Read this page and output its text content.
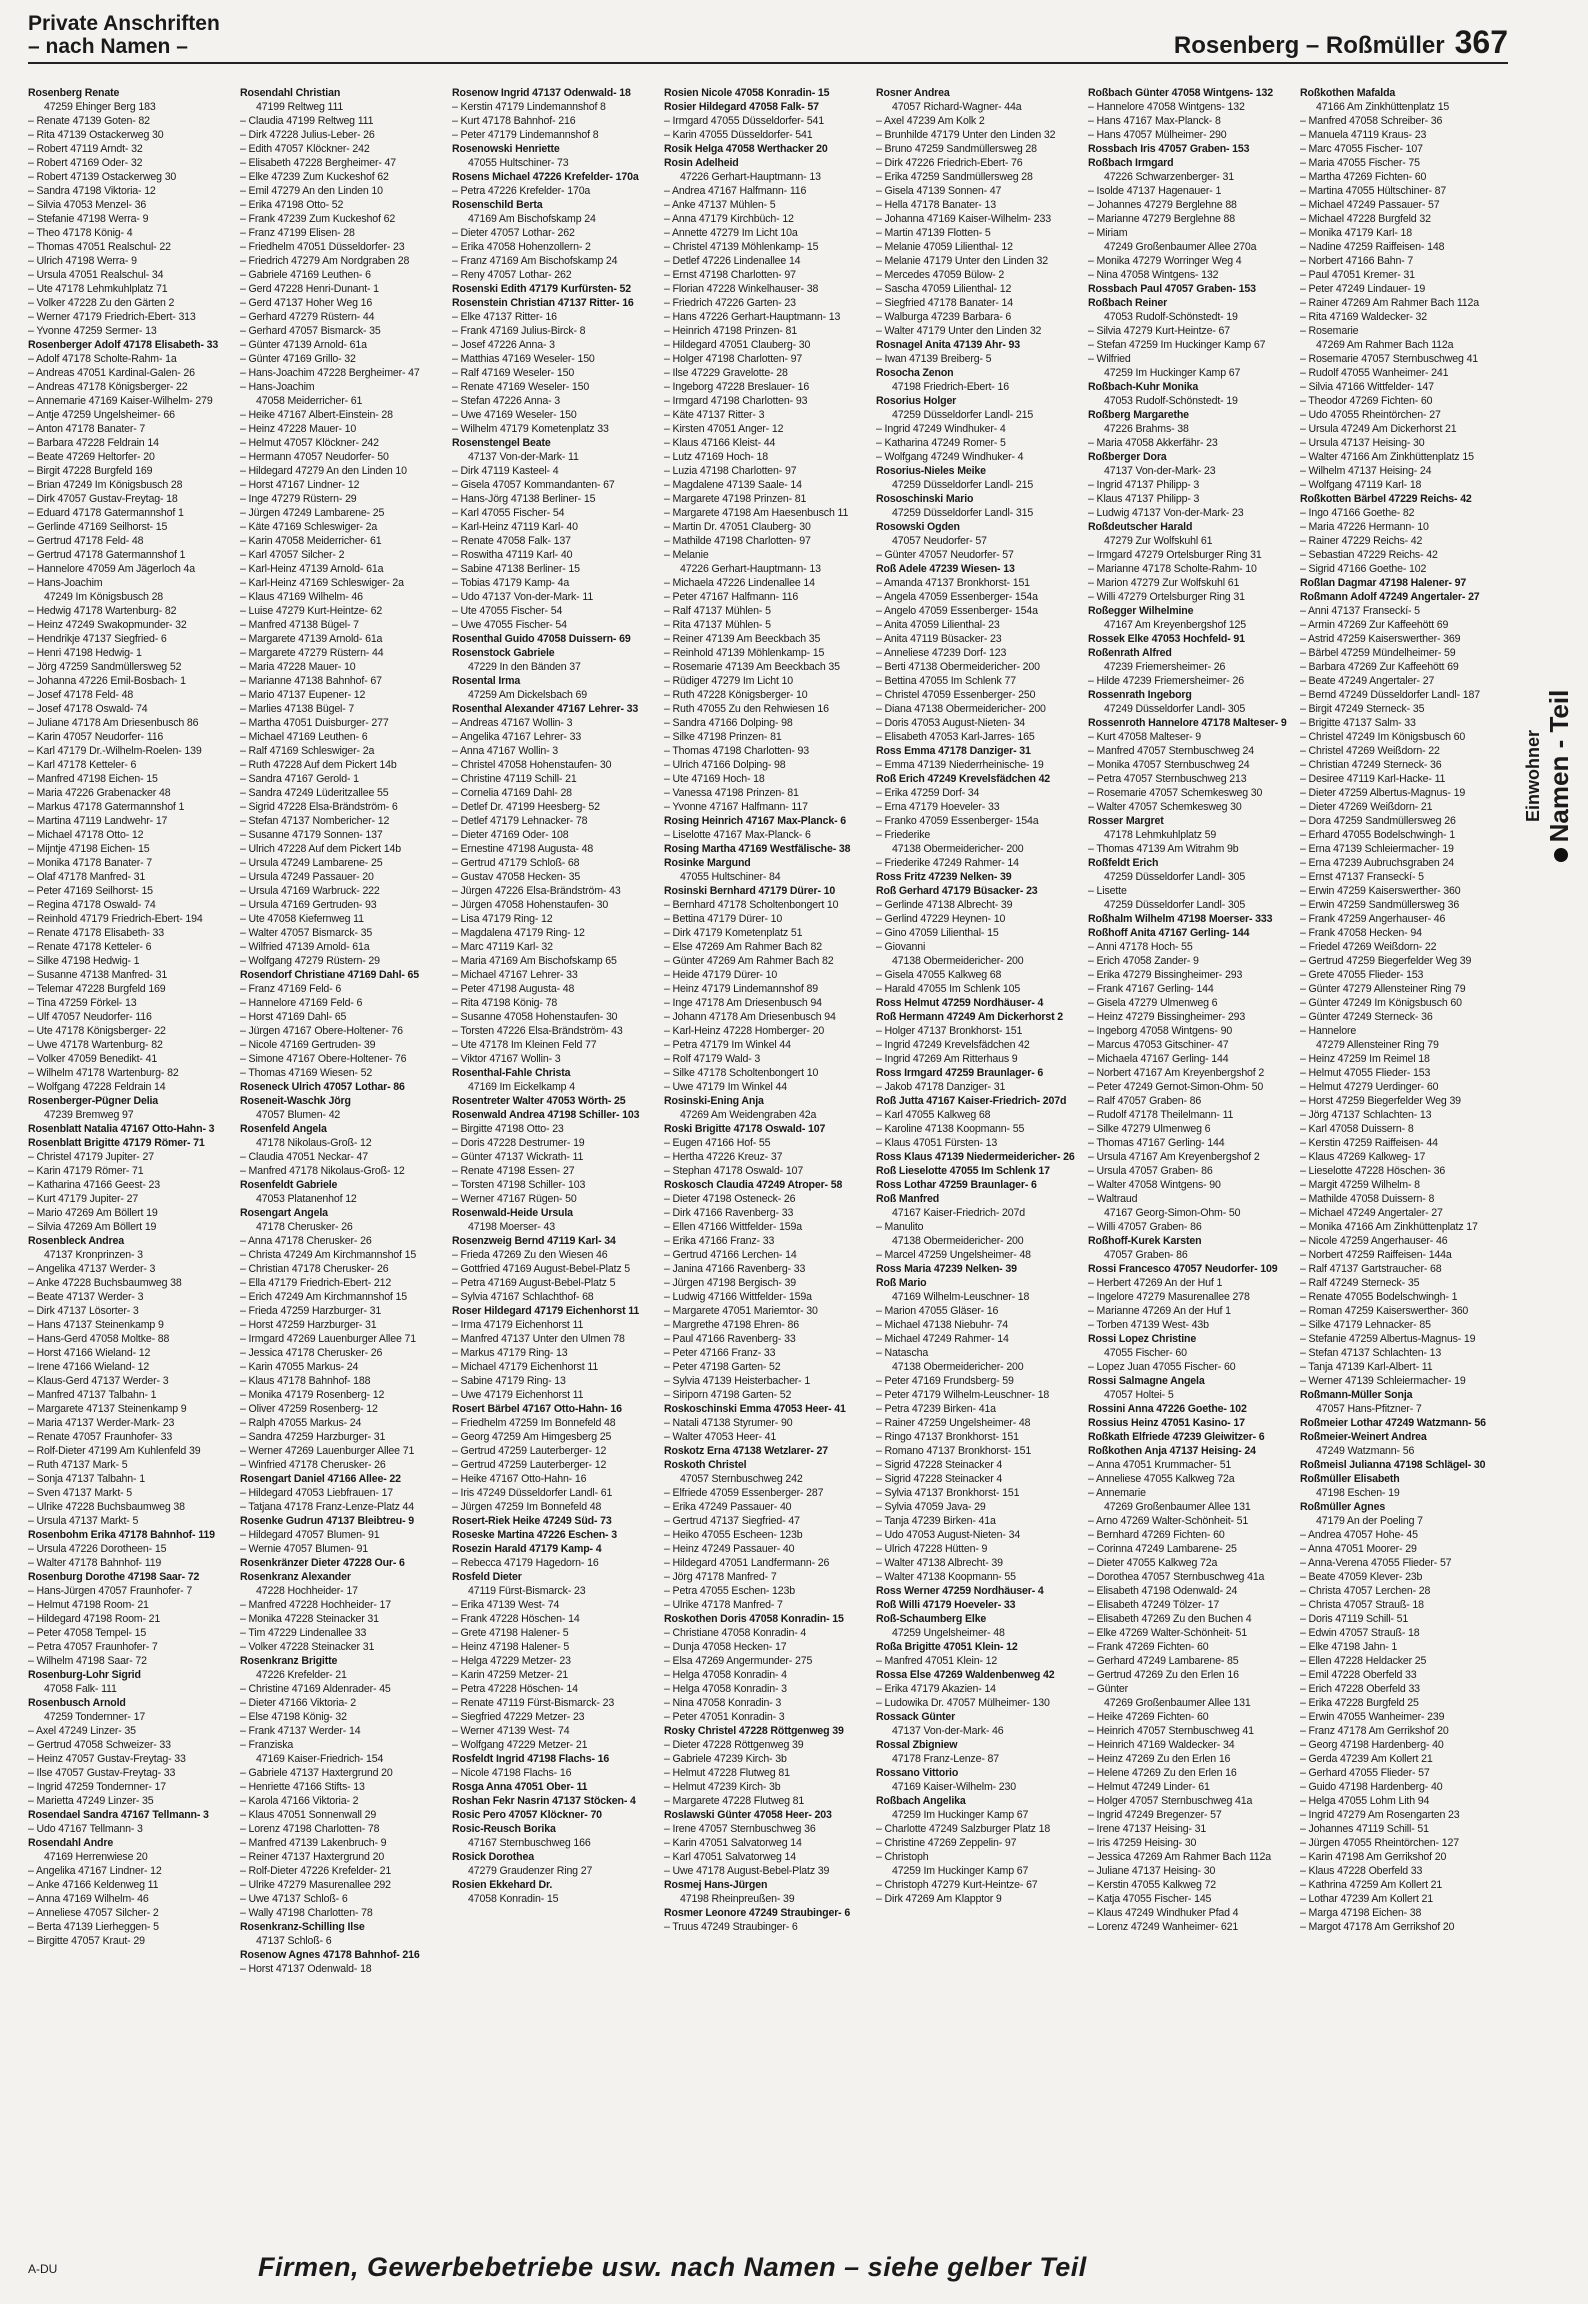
Private Anschriften
– nach Namen –	Rosenberg – Roßmüller 367
Rosenberg Renate
47259 Ehinger Berg 183
– Renate 47139 Goten- 82
– Rita 47139 Ostackerweg 30
– Robert 47119 Arndt- 32
– Robert 47169 Oder- 32
– Robert 47139 Ostackerweg 30
– Sandra 47198 Viktoria- 12
– Silvia 47053 Menzel- 36
– Stefanie 47198 Werra- 9
– Theo 47178 König- 4
– Thomas 47051 Realschul- 22
– Ulrich 47198 Werra- 9
– Ursula 47051 Realschul- 34
– Ute 47178 Lehmkuhlplatz 71
– Volker 47228 Zu den Gärten 2
– Werner 47179 Friedrich-Ebert- 313
– Yvonne 47259 Sermer- 13
Rosenberger Adolf 47178 Elisabeth- 33
– Adolf 47178 Scholte-Rahm- 1a
– Andreas 47051 Kardinal-Galen- 26
– Andreas 47178 Königsberger- 22
– Annemarie 47169 Kaiser-Wilhelm- 279
– Antje 47259 Ungelsheimer- 66
– Anton 47178 Banater- 7
– Barbara 47228 Feldrain 14
– Beate 47269 Heltorfer- 20
– Birgit 47228 Burgfeld 169
– Brian 47249 Im Königsbusch 28
– Dirk 47057 Gustav-Freytag- 18
– Eduard 47178 Gatermannshof 1
– Gerlinde 47169 Seilhorst- 15
– Gertrud 47178 Feld- 48
– Gertrud 47178 Gatermannshof 1
– Hannelore 47059 Am Jägerloch 4a
– Hans-Joachim
47249 Im Königsbusch 28
– Hedwig 47178 Wartenburg- 82
– Heinz 47249 Swakopmunder- 32
– Hendrikje 47137 Siegfried- 6
– Henri 47198 Hedwig- 1
– Jörg 47259 Sandmüllersweg 52
– Johanna 47226 Emil-Bosbach- 1
– Josef 47178 Feld- 48
– Josef 47178 Oswald- 74
– Juliane 47178 Am Driesenbusch 86
– Karin 47057 Neudorfer- 116
– Karl 47179 Dr.-Wilhelm-Roelen- 139
– Karl 47178 Ketteler- 6
– Manfred 47198 Eichen- 15
– Maria 47226 Grabenacker 48
– Markus 47178 Gatermannshof 1
– Martina 47119 Landwehr- 17
– Michael 47178 Otto- 12
– Mijntje 47198 Eichen- 15
– Monika 47178 Banater- 7
– Olaf 47178 Manfred- 31
– Peter 47169 Seilhorst- 15
– Regina 47178 Oswald- 74
– Reinhold 47179 Friedrich-Ebert- 194
– Renate 47178 Elisabeth- 33
– Renate 47178 Ketteler- 6
– Silke 47198 Hedwig- 1
– Susanne 47138 Manfred- 31
– Telemar 47228 Burgfeld 169
– Tina 47259 Förkel- 13
– Ulf 47057 Neudorfer- 116
– Ute 47178 Königsberger- 22
– Uwe 47178 Wartenburg- 82
– Volker 47059 Benedikt- 41
– Wilhelm 47178 Wartenburg- 82
– Wolfgang 47228 Feldrain 14
Rosenberger-Pügner Delia
47239 Bremweg 97
Rosenblatt Natalia 47167 Otto-Hahn- 3
Rosenblatt Brigitte 47179 Römer- 71
– Christel 47179 Jupiter- 27
– Karin 47179 Römer- 71
– Katharina 47166 Geest- 23
– Kurt 47179 Jupiter- 27
– Mario 47269 Am Böllert 19
– Silvia 47269 Am Böllert 19
Rosenbleck Andrea
47137 Kronprinzen- 3
– Angelika 47137 Werder- 3
– Anke 47228 Buchsbaumweg 38
– Beate 47137 Werder- 3
– Dirk 47137 Lösorter- 3
– Hans 47137 Steinenkamp 9
– Hans-Gerd 47058 Moltke- 88
– Horst 47166 Wieland- 12
– Irene 47166 Wieland- 12
– Klaus-Gerd 47137 Werder- 3
– Manfred 47137 Talbahn- 1
– Margarete 47137 Steinenkamp 9
– Maria 47137 Werder-Mark- 23
– Renate 47057 Fraunhofer- 33
– Rolf-Dieter 47199 Am Kuhlenfeld 39
– Ruth 47137 Mark- 5
– Sonja 47137 Talbahn- 1
– Sven 47137 Markt- 5
– Ulrike 47228 Buchsbaumweg 38
– Ursula 47137 Markt- 5
Rosenbohm Erika 47178 Bahnhof- 119
– Ursula 47226 Dorotheen- 15
– Walter 47178 Bahnhof- 119
Rosenburg Dorothe 47198 Saar- 72
– Hans-Jürgen 47057 Fraunhofer- 7
– Helmut 47198 Room- 21
– Hildegard 47198 Room- 21
– Peter 47058 Tempel- 15
– Petra 47057 Fraunhofer- 7
– Wilhelm 47198 Saar- 72
Rosenburg-Lohr Sigrid
47058 Falk- 111
Rosenbusch Arnold
47259 Tondernner- 17
– Axel 47249 Linzer- 35
– Gertrud 47058 Schweizer- 33
– Heinz 47057 Gustav-Freytag- 33
– Ilse 47057 Gustav-Freytag- 33
– Ingrid 47259 Tondernner- 17
– Marietta 47249 Linzer- 35
Rosendael Sandra 47167 Tellmann- 3
– Udo 47167 Tellmann- 3
Rosendahl Andre
47169 Herrenwiese 20
– Angelika 47167 Lindner- 12
– Anke 47166 Keldenweg 11
– Anna 47169 Wilhelm- 46
– Anneliese 47057 Silcher- 2
– Berta 47139 Lierheggen- 5
– Birgitte 47057 Kraut- 29
Rosendahl Christian
47199 Reltweg 111
– Claudia 47199 Reltweg 111
– Dirk 47228 Julius-Leber- 26
– Edith 47057 Klöckner- 242
– Elisabeth 47228 Bergheimer- 47
– Elke 47239 Zum Kuckeshof 62
– Emil 47279 An den Linden 10
– Erika 47198 Otto- 52
– Frank 47239 Zum Kuckeshof 62
– Franz 47199 Elisen- 28
– Friedhelm 47051 Düsseldorfer- 23
– Friedrich 47279 Am Nordgraben 28
– Gabriele 47169 Leuthen- 6
– Gerd 47228 Henri-Dunant- 1
– Gerd 47137 Hoher Weg 16
– Gerhard 47279 Rüstern- 44
– Gerhard 47057 Bismarck- 35
– Günter 47139 Arnold- 61a
– Günter 47169 Grillo- 32
– Hans-Joachim 47228 Bergheimer- 47
– Hans-Joachim
47058 Meiderricher- 61
– Heike 47167 Albert-Einstein- 28
– Heinz 47228 Mauer- 10
– Helmut 47057 Klöckner- 242
– Hermann 47057 Neudorfer- 50
– Hildegard 47279 An den Linden 10
– Horst 47167 Lindner- 12
– Inge 47279 Rüstern- 29
– Jürgen 47249 Lambarene- 25
– Käte 47169 Schleswiger- 2a
– Karin 47058 Meiderricher- 61
– Karl 47057 Silcher- 2
– Karl-Heinz 47139 Arnold- 61a
– Karl-Heinz 47169 Schleswiger- 2a
– Klaus 47169 Wilhelm- 46
– Luise 47279 Kurt-Heintze- 62
– Manfred 47138 Bügel- 7
– Margarete 47139 Arnold- 61a
– Margarete 47279 Rüstern- 44
– Maria 47228 Mauer- 10
– Marianne 47138 Bahnhof- 67
– Mario 47137 Eupener- 12
– Marlies 47138 Bügel- 7
– Martha 47051 Duisburger- 277
– Michael 47169 Leuthen- 6
– Ralf 47169 Schleswiger- 2a
– Ruth 47228 Auf dem Pickert 14b
– Sandra 47167 Gerold- 1
– Sandra 47249 Lüderitzallee 55
– Sigrid 47228 Elsa-Brändström- 6
– Stefan 47137 Nombericher- 12
– Susanne 47179 Sonnen- 137
– Ulrich 47228 Auf dem Pickert 14b
– Ursula 47249 Lambarene- 25
– Ursula 47249 Passauer- 20
– Ursula 47169 Warbruck- 222
– Ursula 47169 Gertruden- 93
– Ute 47058 Kiefernweg 11
– Walter 47057 Bismarck- 35
– Wilfried 47139 Arnold- 61a
– Wolfgang 47279 Rüstern- 29
Rosendorf Christiane 47169 Dahl- 65
– Franz 47169 Feld- 6
– Hannelore 47169 Feld- 6
– Horst 47169 Dahl- 65
– Jürgen 47167 Obere-Holtener- 76
– Nicole 47169 Gertruden- 39
– Simone 47167 Obere-Holtener- 76
– Thomas 47169 Wiesen- 52
Roseneck Ulrich 47057 Lothar- 86
Roseneit-Waschk Jörg
47057 Blumen- 42
Rosenfeld Angela
47178 Nikolaus-Groß- 12
– Claudia 47051 Neckar- 47
– Manfred 47178 Nikolaus-Groß- 12
Rosenfeldt Gabriele
47053 Platanenhof 12
Rosengart Angela
47178 Cherusker- 26
– Anna 47178 Cherusker- 26
– Christa 47249 Am Kirchmannshof 15
– Christian 47178 Cherusker- 26
– Ella 47179 Friedrich-Ebert- 212
– Erich 47249 Am Kirchmannshof 15
– Frieda 47259 Harzburger- 31
– Horst 47259 Harzburger- 31
– Irmgard 47269 Lauenburger Allee 71
– Jessica 47178 Cherusker- 26
– Karin 47055 Markus- 24
– Klaus 47178 Bahnhof- 188
– Monika 47179 Rosenberg- 12
– Oliver 47259 Rosenberg- 12
– Ralph 47055 Markus- 24
– Sandra 47259 Harzburger- 31
– Werner 47269 Lauenburger Allee 71
– Winfried 47178 Cherusker- 26
Rosengart Daniel 47166 Allee- 22
– Hildegard 47053 Liebfrauen- 17
– Tatjana 47178 Franz-Lenze-Platz 44
Rosenke Gudrun 47137 Bleibtreu- 9
– Hildegard 47057 Blumen- 91
– Wernie 47057 Blumen- 91
Rosenkränzer Dieter 47228 Our- 6
Rosenkranz Alexander
47228 Hochheider- 17
– Manfred 47228 Hochheider- 17
– Monika 47228 Steinacker 31
– Tim 47229 Lindenallee 33
– Volker 47228 Steinacker 31
Rosenkranz Brigitte
47226 Krefelder- 21
– Christine 47169 Aldenrader- 45
– Dieter 47166 Viktoria- 2
– Else 47198 König- 32
– Frank 47137 Werder- 14
– Franziska
47169 Kaiser-Friedrich- 154
– Gabriele 47137 Haxtergrund 20
– Henriette 47166 Stifts- 13
– Karola 47166 Viktoria- 2
– Klaus 47051 Sonnenwall 29
– Lorenz 47198 Charlotten- 78
– Manfred 47139 Lakenbruch- 9
– Reiner 47137 Haxtergrund 20
– Rolf-Dieter 47226 Krefelder- 21
– Ulrike 47279 Masurenallee 292
– Uwe 47137 Schloß- 6
– Wally 47198 Charlotten- 78
Rosenkranz-Schilling Ilse
47137 Schloß- 6
Rosenow Agnes 47178 Bahnhof- 216
– Horst 47137 Odenwald- 18
Rosenow Ingrid 47137 Odenwald- 18
– Kerstin 47179 Lindemannshof 8
– Kurt 47178 Bahnhof- 216
– Peter 47179 Lindemannshof 8
Rosenowski Henriette
47055 Hultschiner- 73
Rosens Michael 47226 Krefelder- 170a
– Petra 47226 Krefelder- 170a
Rosenschild Berta
47169 Am Bischofskamp 24
– Dieter 47057 Lothar- 262
– Erika 47058 Hohenzollern- 2
– Franz 47169 Am Bischofskamp 24
– Reny 47057 Lothar- 262
Rosenski Edith 47179 Kurfürsten- 52
Rosenstein Christian 47137 Ritter- 16
– Elke 47137 Ritter- 16
– Frank 47169 Julius-Birck- 8
– Josef 47226 Anna- 3
– Matthias 47169 Weseler- 150
– Ralf 47169 Weseler- 150
– Renate 47169 Weseler- 150
– Stefan 47226 Anna- 3
– Uwe 47169 Weseler- 150
– Wilhelm 47179 Kometenplatz 33
Rosenstengel Beate
47137 Von-der-Mark- 11
– Dirk 47119 Kasteel- 4
– Gisela 47057 Kommandanten- 67
– Hans-Jörg 47138 Berliner- 15
– Karl 47055 Fischer- 54
– Karl-Heinz 47119 Karl- 40
– Renate 47058 Falk- 137
– Roswitha 47119 Karl- 40
– Sabine 47138 Berliner- 15
– Tobias 47179 Kamp- 4a
– Udo 47137 Von-der-Mark- 11
– Ute 47055 Fischer- 54
– Uwe 47055 Fischer- 54
Rosenthal Guido 47058 Duissern- 69
Rosenstock Gabriele
47229 In den Bänden 37
Rosental Irma
47259 Am Dickelsbach 69
Rosenthal Alexander 47167 Lehrer- 33
– Andreas 47167 Wollin- 3
– Angelika 47167 Lehrer- 33
– Anna 47167 Wollin- 3
– Christel 47058 Hohenstaufen- 30
– Christine 47119 Schill- 21
– Cornelia 47169 Dahl- 28
– Detlef Dr. 47199 Heesberg- 52
– Detlef 47179 Lehnacker- 78
– Dieter 47169 Oder- 108
– Ernestine 47198 Augusta- 48
– Gertrud 47179 Schloß- 68
– Gustav 47058 Hecken- 35
– Jürgen 47226 Elsa-Brändström- 43
– Jürgen 47058 Hohenstaufen- 30
– Lisa 47179 Ring- 12
– Magdalena 47179 Ring- 12
– Marc 47119 Karl- 32
– Maria 47169 Am Bischofskamp 65
– Michael 47167 Lehrer- 33
– Peter 47198 Augusta- 48
– Rita 47198 König- 78
– Susanne 47058 Hohenstaufen- 30
– Torsten 47226 Elsa-Brändström- 43
– Ute 47178 Im Kleinen Feld 77
– Viktor 47167 Wollin- 3
Rosenthal-Fahle Christa
47169 Im Eickelkamp 4
Rosentreter Walter 47053 Wörth- 25
Rosenwald Andrea 47198 Schiller- 103
– Birgitte 47198 Otto- 23
– Doris 47228 Destrumer- 19
– Günter 47137 Wickrath- 11
– Renate 47198 Essen- 27
– Torsten 47198 Schiller- 103
– Werner 47167 Rügen- 50
Rosenwald-Heide Ursula
47198 Moerser- 43
Rosenzweig Bernd 47119 Karl- 34
– Frieda 47269 Zu den Wiesen 46
– Gottfried 47169 August-Bebel-Platz 5
– Petra 47169 August-Bebel-Platz 5
– Sylvia 47167 Schlachthof- 68
Roser Hildegard 47179 Eichenhorst 11
– Irma 47179 Eichenhorst 11
– Manfred 47137 Unter den Ulmen 78
– Markus 47179 Ring- 13
– Michael 47179 Eichenhorst 11
– Sabine 47179 Ring- 13
– Uwe 47179 Eichenhorst 11
Rosert Bärbel 47167 Otto-Hahn- 16
– Friedhelm 47259 Im Bonnefeld 48
– Georg 47259 Am Himgesberg 25
– Gertrud 47259 Lauterberger- 12
– Gertrud 47259 Lauterberger- 12
– Heike 47167 Otto-Hahn- 16
– Iris 47249 Düsseldorfer Landl- 61
– Jürgen 47259 Im Bonnefeld 48
Rosert-Riek Heike 47249 Süd- 73
Roseske Martina 47226 Eschen- 3
Rosezin Harald 47179 Kamp- 4
– Rebecca 47179 Hagedorn- 16
Rosfeld Dieter
47119 Fürst-Bismarck- 23
– Erika 47139 West- 74
– Frank 47228 Höschen- 14
– Grete 47198 Halener- 5
– Heinz 47198 Halener- 5
– Helga 47229 Metzer- 23
– Karin 47259 Metzer- 21
– Petra 47228 Höschen- 14
– Renate 47119 Fürst-Bismarck- 23
– Siegfried 47229 Metzer- 23
– Werner 47139 West- 74
– Wolfgang 47229 Metzer- 21
Rosfeldt Ingrid 47198 Flachs- 16
– Nicole 47198 Flachs- 16
Rosga Anna 47051 Ober- 11
Roshan Fekr Nasrin 47137 Stöcken- 4
Rosic Pero 47057 Klöckner- 70
Rosic-Reusch Borika
47167 Sternbuschweg 166
Rosick Dorothea
47279 Graudenzer Ring 27
Rosien Ekkehard Dr.
47058 Konradin- 15
Rosien Nicole 47058 Konradin- 15
Rosier Hildegard 47058 Falk- 57
– Irmgard 47055 Düsseldorfer- 541
– Karin 47055 Düsseldorfer- 541
Rosik Helga 47058 Werthacker 20
Rosin Adelheid
47226 Gerhart-Hauptmann- 13
– Andrea 47167 Halfmann- 116
– Anke 47137 Mühlen- 5
– Anna 47179 Kirchbüch- 12
– Annette 47279 Im Licht 10a
– Christel 47139 Möhlenkamp- 15
– Detlef 47226 Lindenallee 14
– Ernst 47198 Charlotten- 97
– Florian 47228 Winkelhauser- 38
– Friedrich 47226 Garten- 23
– Hans 47226 Gerhart-Hauptmann- 13
– Heinrich 47198 Prinzen- 81
– Hildegard 47051 Clauberg- 30
– Holger 47198 Charlotten- 97
– Ilse 47229 Gravelotte- 28
– Ingeborg 47228 Breslauer- 16
– Irmgard 47198 Charlotten- 93
– Käte 47137 Ritter- 3
– Kirsten 47051 Anger- 12
– Klaus 47166 Kleist- 44
– Lutz 47169 Hoch- 18
– Luzia 47198 Charlotten- 97
– Magdalene 47139 Saale- 14
– Margarete 47198 Prinzen- 81
– Margarete 47198 Am Haesenbusch 11
– Martin Dr. 47051 Clauberg- 30
– Mathilde 47198 Charlotten- 97
– Melanie
47226 Gerhart-Hauptmann- 13
– Michaela 47226 Lindenallee 14
– Peter 47167 Halfmann- 116
– Ralf 47137 Mühlen- 5
– Rita 47137 Mühlen- 5
– Reiner 47139 Am Beeckbach 35
– Reinhold 47139 Möhlenkamp- 15
– Rosemarie 47139 Am Beeckbach 35
– Rüdiger 47279 Im Licht 10
– Ruth 47228 Königsberger- 10
– Ruth 47055 Zu den Rehwiesen 16
– Sandra 47166 Dolping- 98
– Silke 47198 Prinzen- 81
– Thomas 47198 Charlotten- 93
– Ulrich 47166 Dolping- 98
– Ute 47169 Hoch- 18
– Vanessa 47198 Prinzen- 81
– Yvonne 47167 Halfmann- 117
Rosing Heinrich 47167 Max-Planck- 6
– Liselotte 47167 Max-Planck- 6
Rosing Martha 47169 Westfälische- 38
Rosinke Margund
47055 Hultschiner- 84
Rosinski Bernhard 47179 Dürer- 10
– Bernhard 47178 Scholtenbongert 10
– Bettina 47179 Dürer- 10
– Dirk 47179 Kometenplatz 51
– Else 47269 Am Rahmer Bach 82
– Günter 47269 Am Rahmer Bach 82
– Heide 47179 Dürer- 10
– Heinz 47179 Lindemannshof 89
– Inge 47178 Am Driesenbusch 94
– Johann 47178 Am Driesenbusch 94
– Karl-Heinz 47228 Homberger- 20
– Petra 47179 Im Winkel 44
– Rolf 47179 Wald- 3
– Silke 47178 Scholtenbongert 10
– Uwe 47179 Im Winkel 44
Rosinski-Ening Anja
47269 Am Weidengraben 42a
Roski Brigitte 47178 Oswald- 107
– Eugen 47166 Hof- 55
– Hertha 47226 Kreuz- 37
– Stephan 47178 Oswald- 107
Roskosch Claudia 47249 Atroper- 58
– Dieter 47198 Osteneck- 26
– Dirk 47166 Ravenberg- 33
– Ellen 47166 Wittfelder- 159a
– Erika 47166 Franz- 33
– Gertrud 47166 Lerchen- 14
– Janina 47166 Ravenberg- 33
– Jürgen 47198 Bergisch- 39
– Ludwig 47166 Wittfelder- 159a
– Margarete 47051 Mariemtor- 30
– Margrethe 47198 Ehren- 86
– Paul 47166 Ravenberg- 33
– Peter 47166 Franz- 33
– Peter 47198 Garten- 52
– Sylvia 47139 Heisterbacher- 1
– Siriporn 47198 Garten- 52
Roskoschinski Emma 47053 Heer- 41
– Natali 47138 Styrumer- 90
– Walter 47053 Heer- 41
Roskotz Erna 47138 Wetzlarer- 27
Roskoth Christel
47057 Sternbuschweg 242
– Elfriede 47059 Essenberger- 287
– Erika 47249 Passauer- 40
– Gertrud 47137 Siegfried- 47
– Heiko 47055 Escheen- 123b
– Heinz 47249 Passauer- 40
– Hildegard 47051 Landfermann- 26
– Jörg 47178 Manfred- 7
– Petra 47055 Eschen- 123b
– Ulrike 47178 Manfred- 7
Roskothen Doris 47058 Konradin- 15
– Christiane 47058 Konradin- 4
– Dunja 47058 Hecken- 17
– Elsa 47269 Angermunder- 275
– Helga 47058 Konradin- 4
– Helga 47058 Konradin- 3
– Nina 47058 Konradin- 3
– Peter 47051 Konradin- 3
Rosky Christel 47228 Röttgenweg 39
– Dieter 47228 Röttgenweg 39
– Gabriele 47239 Kirch- 3b
– Helmut 47228 Flutweg 81
– Helmut 47239 Kirch- 3b
– Margarete 47228 Flutweg 81
Roslawski Günter 47058 Heer- 203
– Irene 47057 Sternbuschweg 36
– Karin 47051 Salvatorweg 14
– Karl 47051 Salvatorweg 14
– Uwe 47178 August-Bebel-Platz 39
Rosmej Hans-Jürgen
47198 Rheinpreußen- 39
Rosmer Leonore 47249 Straubinger- 6
– Truus 47249 Straubinger- 6
Rosner Andrea
47057 Richard-Wagner- 44a
– Axel 47239 Am Kolk 2
– Brunhilde 47179 Unter den Linden 32
– Bruno 47259 Sandmüllersweg 28
– Dirk 47226 Friedrich-Ebert- 76
– Erika 47259 Sandmüllersweg 28
– Gisela 47139 Sonnen- 47
– Hella 47178 Banater- 13
– Johanna 47169 Kaiser-Wilhelm- 233
– Martin 47139 Flotten- 5
– Melanie 47059 Lilienthal- 12
– Melanie 47179 Unter den Linden 32
– Mercedes 47059 Bülow- 2
– Sascha 47059 Lilienthal- 12
– Siegfried 47178 Banater- 14
– Walburga 47239 Barbara- 6
– Walter 47179 Unter den Linden 32
Rosnagel Anita 47139 Ahr- 93
– Iwan 47139 Breiberg- 5
Rosocha Zenon
47198 Friedrich-Ebert- 16
Rosorius Holger
47259 Düsseldorfer Landl- 215
– Ingrid 47249 Windhuker- 4
– Katharina 47249 Romer- 5
– Wolfgang 47249 Windhuker- 4
Rosorius-Nieles Meike
47259 Düsseldorfer Landl- 215
Rososchinski Mario
47259 Düsseldorfer Landl- 315
Rosowski Ogden
47057 Neudorfer- 57
– Günter 47057 Neudorfer- 57
Roß Adele 47239 Wiesen- 13
– Amanda 47137 Bronkhorst- 151
– Angela 47059 Essenberger- 154a
– Angelo 47059 Essenberger- 154a
– Anita 47059 Lilienthal- 23
– Anita 47119 Büsacker- 23
– Anneliese 47239 Dorf- 123
– Berti 47138 Obermeidericher- 200
– Bettina 47055 Im Schlenk 77
– Christel 47059 Essenberger- 250
– Diana 47138 Obermeidericher- 200
– Doris 47053 August-Nieten- 34
– Elisabeth 47053 Karl-Jarres- 165
Ross Emma 47178 Danziger- 31
– Emma 47139 Niederrheinische- 19
Roß Erich 47249 Krevelsfädchen 42
– Erika 47259 Dorf- 34
– Erna 47179 Hoeveler- 33
– Franko 47059 Essenberger- 154a
– Friederike
47138 Obermeidericher- 200
– Friederike 47249 Rahmer- 14
Ross Fritz 47239 Nelken- 39
Roß Gerhard 47179 Büsacker- 23
– Gerlinde 47138 Albrecht- 39
– Gerlind 47229 Heynen- 10
– Gino 47059 Lilienthal- 15
– Giovanni
47138 Obermeidericher- 200
– Gisela 47055 Kalkweg 68
– Harald 47055 Im Schlenk 105
Ross Helmut 47259 Nordhäuser- 4
Roß Hermann 47249 Am Dickerhorst 2
– Holger 47137 Bronkhorst- 151
– Ingrid 47249 Krevelsfädchen 42
– Ingrid 47269 Am Ritterhaus 9
Ross Irmgard 47259 Braunlager- 6
– Jakob 47178 Danziger- 31
Roß Jutta 47167 Kaiser-Friedrich- 207d
– Karl 47055 Kalkweg 68
– Karoline 47138 Koopmann- 55
– Klaus 47051 Fürsten- 13
Ross Klaus 47139 Niedermeidericher- 26
Roß Lieselotte 47055 Im Schlenk 17
Ross Lothar 47259 Braunlager- 6
Roß Manfred
47167 Kaiser-Friedrich- 207d
– Manulito
47138 Obermeidericher- 200
– Marcel 47259 Ungelsheimer- 48
Ross Maria 47239 Nelken- 39
Roß Mario
47169 Wilhelm-Leuschner- 18
– Marion 47055 Gläser- 16
– Michael 47138 Niebuhr- 74
– Michael 47249 Rahmer- 14
– Natascha
47138 Obermeidericher- 200
– Peter 47169 Frundsberg- 59
– Peter 47179 Wilhelm-Leuschner- 18
– Petra 47239 Birken- 41a
– Rainer 47259 Ungelsheimer- 48
– Ringo 47137 Bronkhorst- 151
– Romano 47137 Bronkhorst- 151
– Sigrid 47228 Steinacker 4
– Sigrid 47228 Steinacker 4
– Sylvia 47137 Bronkhorst- 151
– Sylvia 47059 Java- 29
– Tanja 47239 Birken- 41a
– Udo 47053 August-Nieten- 34
– Ulrich 47228 Hütten- 9
– Walter 47138 Albrecht- 39
– Walter 47138 Koopmann- 55
Ross Werner 47259 Nordhäuser- 4
Roß Willi 47179 Hoeveler- 33
Roß-Schaumberg Elke
47259 Ungelsheimer- 48
Roßa Brigitte 47051 Klein- 12
– Manfred 47051 Klein- 12
Rossa Else 47269 Waldenbenweg 42
– Erika 47179 Akazien- 14
– Ludowika Dr. 47057 Mülheimer- 130
Rossack Günter
47137 Von-der-Mark- 46
Rossal Zbigniew
47178 Franz-Lenze- 87
Rossano Vittorio
47169 Kaiser-Wilhelm- 230
Roßbach Angelika
47259 Im Huckinger Kamp 67
– Charlotte 47249 Salzburger Platz 18
– Christine 47269 Zeppelin- 97
– Christoph
47259 Im Huckinger Kamp 67
– Christoph 47279 Kurt-Heintze- 67
– Dirk 47269 Am Klapptor 9
Roßbach Günter 47058 Wintgens- 132
– Hannelore 47058 Wintgens- 132
– Hans 47167 Max-Planck- 8
– Hans 47057 Mülheimer- 290
Rossbach Iris 47057 Graben- 153
Roßbach Irmgard
47226 Schwarzenberger- 31
– Isolde 47137 Hagenauer- 1
– Johannes 47279 Berglehne 88
– Marianne 47279 Berglehne 88
– Miriam
47249 Großenbaumer Allee 270a
– Monika 47279 Worringer Weg 4
– Nina 47058 Wintgens- 132
Rossbach Paul 47057 Graben- 153
Roßbach Reiner
47053 Rudolf-Schönstedt- 19
– Silvia 47279 Kurt-Heintze- 67
– Stefan 47259 Im Huckinger Kamp 67
– Wilfried
47259 Im Huckinger Kamp 67
Roßbach-Kuhr Monika
47053 Rudolf-Schönstedt- 19
Roßberg Margarethe
47226 Brahms- 38
– Maria 47058 Akkerfähr- 23
Roßberger Dora
47137 Von-der-Mark- 23
– Ingrid 47137 Philipp- 3
– Klaus 47137 Philipp- 3
– Ludwig 47137 Von-der-Mark- 23
Roßdeutscher Harald
47279 Zur Wolfskuhl 61
– Irmgard 47279 Ortelsburger Ring 31
– Marianne 47178 Scholte-Rahm- 10
– Marion 47279 Zur Wolfskuhl 61
– Willi 47279 Ortelsburger Ring 31
Roßegger Wilhelmine
47167 Am Kreyenbergshof 125
Rossek Elke 47053 Hochfeld- 91
Roßenrath Alfred
47239 Friemersheimer- 26
– Hilde 47239 Friemersheimer- 26
Rossenrath Ingeborg
47249 Düsseldorfer Landl- 305
Rossenroth Hannelore 47178 Malteser- 9
– Kurt 47058 Malteser- 9
– Manfred 47057 Sternbuschweg 24
– Monika 47057 Sternbuschweg 24
– Petra 47057 Sternbuschweg 213
– Rosemarie 47057 Schemkesweg 30
– Walter 47057 Schemkesweg 30
Rosser Margret
47178 Lehmkuhlplatz 59
– Thomas 47139 Am Witrahm 9b
Roßfeldt Erich
47259 Düsseldorfer Landl- 305
– Lisette
47259 Düsseldorfer Landl- 305
Roßhalm Wilhelm 47198 Moerser- 333
Roßhoff Anita 47167 Gerling- 144
– Anni 47178 Hoch- 55
– Erich 47058 Zander- 9
– Erika 47279 Bissingheimer- 293
– Frank 47167 Gerling- 144
– Gisela 47279 Ulmenweg 6
– Heinz 47279 Bissingheimer- 293
– Ingeborg 47058 Wintgens- 90
– Marcus 47053 Gitschiner- 47
– Michaela 47167 Gerling- 144
– Norbert 47167 Am Kreyenbergshof 2
– Peter 47249 Gernot-Simon-Ohm- 50
– Ralf 47057 Graben- 86
– Rudolf 47178 Theilelmann- 11
– Silke 47279 Ulmenweg 6
– Thomas 47167 Gerling- 144
– Ursula 47167 Am Kreyenbergshof 2
– Ursula 47057 Graben- 86
– Walter 47058 Wintgens- 90
– Waltraud
47167 Georg-Simon-Ohm- 50
– Willi 47057 Graben- 86
Roßhoff-Kurek Karsten
47057 Graben- 86
Rossi Francesco 47057 Neudorfer- 109
– Herbert 47269 An der Huf 1
– Ingelore 47279 Masurenallee 278
– Marianne 47269 An der Huf 1
– Torben 47139 West- 43b
Rossi Lopez Christine
47055 Fischer- 60
– Lopez Juan 47055 Fischer- 60
Rossi Salmagne Angela
47057 Holtei- 5
Rossini Anna 47226 Goethe- 102
Rossius Heinz 47051 Kasino- 17
Roßkath Elfriede 47239 Gleiwitzer- 6
Roßkothen Anja 47137 Heising- 24
– Anna 47051 Krummacher- 51
– Anneliese 47055 Kalkweg 72a
– Annemarie
47269 Großenbaumer Allee 131
– Arno 47269 Walter-Schönheit- 51
– Bernhard 47269 Fichten- 60
– Corinna 47249 Lambarene- 25
– Dieter 47055 Kalkweg 72a
– Dorothea 47057 Sternbuschweg 41a
– Elisabeth 47198 Odenwald- 24
– Elisabeth 47249 Tölzer- 17
– Elisabeth 47269 Zu den Buchen 4
– Elke 47269 Walter-Schönheit- 51
– Frank 47269 Fichten- 60
– Gerhard 47249 Lambarene- 85
– Gertrud 47269 Zu den Erlen 16
– Günter
47269 Großenbaumer Allee 131
– Heike 47269 Fichten- 60
– Heinrich 47057 Sternbuschweg 41
– Heinrich 47169 Waldecker- 34
– Heinz 47269 Zu den Erlen 16
– Helene 47269 Zu den Erlen 16
– Helmut 47249 Linder- 61
– Holger 47057 Sternbuschweg 41a
– Ingrid 47249 Bregenzer- 57
– Irene 47137 Heising- 31
– Iris 47259 Heising- 30
– Jessica 47269 Am Rahmer Bach 112a
– Juliane 47137 Heising- 30
– Kerstin 47055 Kalkweg 72
– Katja 47055 Fischer- 145
– Klaus 47249 Windhuker Pfad 4
– Lorenz 47249 Wanheimer- 621
Roßkothen Mafalda
47166 Am Zinkhüttenplatz 15
– Manfred 47058 Schreiber- 36
– Manuela 47119 Kraus- 23
– Marc 47055 Fischer- 107
– Maria 47055 Fischer- 75
– Martha 47269 Fichten- 60
– Martina 47055 Hültschiner- 87
– Michael 47249 Passauer- 57
– Michael 47228 Burgfeld 32
– Monika 47179 Karl- 18
– Nadine 47259 Raiffeisen- 148
– Norbert 47166 Bahn- 7
– Paul 47051 Kremer- 31
– Peter 47249 Lindauer- 19
– Rainer 47269 Am Rahmer Bach 112a
– Rita 47169 Waldecker- 32
– Rosemarie
47269 Am Rahmer Bach 112a
– Rosemarie 47057 Sternbuschweg 41
– Rudolf 47055 Wanheimer- 241
– Silvia 47166 Wittfelder- 147
– Theodor 47269 Fichten- 60
– Udo 47055 Rheintörchen- 27
– Ursula 47249 Am Dickerhorst 21
– Ursula 47137 Heising- 30
– Walter 47166 Am Zinkhüttenplatz 15
– Wilhelm 47137 Heising- 24
– Wolfgang 47119 Karl- 18
Roßkotten Bärbel 47229 Reichs- 42
– Ingo 47166 Goethe- 82
– Maria 47226 Hermann- 10
– Rainer 47229 Reichs- 42
– Sebastian 47229 Reichs- 42
– Sigrid 47166 Goethe- 102
Roßlan Dagmar 47198 Halener- 97
Roßmann Adolf 47249 Angertaler- 27
– Anni 47137 Franseckí- 5
– Armin 47269 Zur Kaffeehött 69
– Astrid 47259 Kaiserswerther- 369
– Bärbel 47259 Mündelheimer- 59
– Barbara 47269 Zur Kaffeehött 69
– Beate 47249 Angertaler- 27
– Bernd 47249 Düsseldorfer Landl- 187
– Birgit 47249 Sterneck- 35
– Brigitte 47137 Salm- 33
– Christel 47249 Im Königsbusch 60
– Christel 47269 Weißdorn- 22
– Christian 47249 Sterneck- 36
– Desiree 47119 Karl-Hacke- 11
– Dieter 47259 Albertus-Magnus- 19
– Dieter 47269 Weißdorn- 21
– Dora 47259 Sandmüllersweg 26
– Erhard 47055 Bodelschwingh- 1
– Erna 47139 Schleiermacher- 19
– Erna 47239 Aubruchsgraben 24
– Ernst 47137 Franseckí- 5
– Erwin 47259 Kaiserswerther- 360
– Erwin 47259 Sandmüllersweg 36
– Frank 47259 Angerhauser- 46
– Frank 47058 Hecken- 94
– Friedel 47269 Weißdorn- 22
– Gertrud 47259 Biegerfelder Weg 39
– Grete 47055 Flieder- 153
– Günter 47279 Allensteiner Ring 79
– Günter 47249 Im Königsbusch 60
– Günter 47249 Sterneck- 36
– Hannelore
47279 Allensteiner Ring 79
– Heinz 47259 Im Reimel 18
– Helmut 47055 Flieder- 153
– Helmut 47279 Uerdinger- 60
– Horst 47259 Biegerfelder Weg 39
– Jörg 47137 Schlachten- 13
– Karl 47058 Duissern- 8
– Kerstin 47259 Raiffeisen- 44
– Klaus 47269 Kalkweg- 17
– Lieselotte 47228 Höschen- 36
– Margit 47259 Wilhelm- 8
– Mathilde 47058 Duissern- 8
– Michael 47249 Angertaler- 27
– Monika 47166 Am Zinkhüttenplatz 17
– Nicole 47259 Angerhauser- 46
– Norbert 47259 Raiffeisen- 144a
– Ralf 47137 Gartstraucher- 68
– Ralf 47249 Sterneck- 35
– Renate 47055 Bodelschwingh- 1
– Roman 47259 Kaiserswerther- 360
– Silke 47179 Lehnacker- 85
– Stefanie 47259 Albertus-Magnus- 19
– Stefan 47137 Schlachten- 13
– Tanja 47139 Karl-Albert- 11
– Werner 47139 Schleiermacher- 19
Roßmann-Müller Sonja
47057 Hans-Pfitzner- 7
Roßmeier Lothar 47249 Watzmann- 56
Roßmeier-Weinert Andrea
47249 Watzmann- 56
Roßmeisl Julianna 47198 Schlägel- 30
Roßmüller Elisabeth
47198 Eschen- 19
Roßmüller Agnes
47179 An der Poeling 7
– Andrea 47057 Hohe- 45
– Anna 47051 Moorer- 29
– Anna-Verena 47055 Flieder- 57
– Beate 47059 Klever- 23b
– Christa 47057 Lerchen- 28
– Christa 47057 Strauß- 18
– Doris 47119 Schill- 51
– Edwin 47057 Strauß- 18
– Elke 47198 Jahn- 1
– Ellen 47228 Heldacker 25
– Emil 47228 Oberfeld 33
– Erich 47228 Oberfeld 33
– Erika 47228 Burgfeld 25
– Erwin 47055 Wanheimer- 239
– Franz 47178 Am Gerrikshof 20
– Georg 47198 Hardenberg- 40
– Gerda 47239 Am Kollert 21
– Gerhard 47055 Flieder- 57
– Guido 47198 Hardenberg- 40
– Helga 47055 Lohm Lith 94
– Ingrid 47279 Am Rosengarten 23
– Johannes 47119 Schill- 51
– Jürgen 47055 Rheintörchen- 127
– Karin 47198 Am Gerrikshof 20
– Klaus 47228 Oberfeld 33
– Kathrina 47259 Am Kollert 21
– Lothar 47239 Am Kollert 21
– Marga 47198 Eichen- 38
– Margot 47178 Am Gerrikshof 20
Einwohner Namen - Teil
A-DU	Firmen, Gewerbebetriebe usw. nach Namen – siehe gelber Teil
